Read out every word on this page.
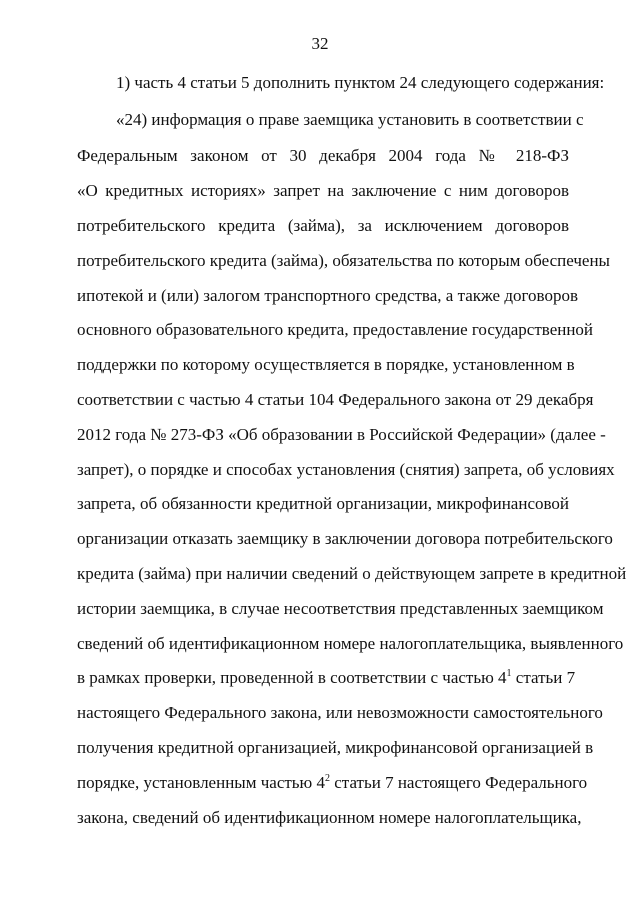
32
1) часть 4 статьи 5 дополнить пунктом 24 следующего содержания:
«24) информация о праве заемщика установить в соответствии с
Федеральным законом от 30 декабря 2004 года № 218-ФЗ
«О кредитных историях» запрет на заключение с ним договоров
потребительского кредита (займа), за исключением договоров
потребительского кредита (займа), обязательства по которым обеспечены
ипотекой и (или) залогом транспортного средства, а также договоров
основного образовательного кредита, предоставление государственной
поддержки по которому осуществляется в порядке, установленном в
соответствии с частью 4 статьи 104 Федерального закона от 29 декабря
2012 года № 273-ФЗ «Об образовании в Российской Федерации» (далее -
запрет), о порядке и способах установления (снятия) запрета, об условиях
запрета, об обязанности кредитной организации, микрофинансовой
организации отказать заемщику в заключении договора потребительского
кредита (займа) при наличии сведений о действующем запрете в кредитной
истории заемщика, в случае несоответствия представленных заемщиком
сведений об идентификационном номере налогоплательщика, выявленного
в рамках проверки, проведенной в соответствии с частью $4^1$ статьи 7
настоящего Федерального закона, или невозможности самостоятельного
получения кредитной организацией, микрофинансовой организацией в
порядке, установленным частью $4^2$ статьи 7 настоящего Федерального
закона, сведений об идентификационном номере налогоплательщика,
